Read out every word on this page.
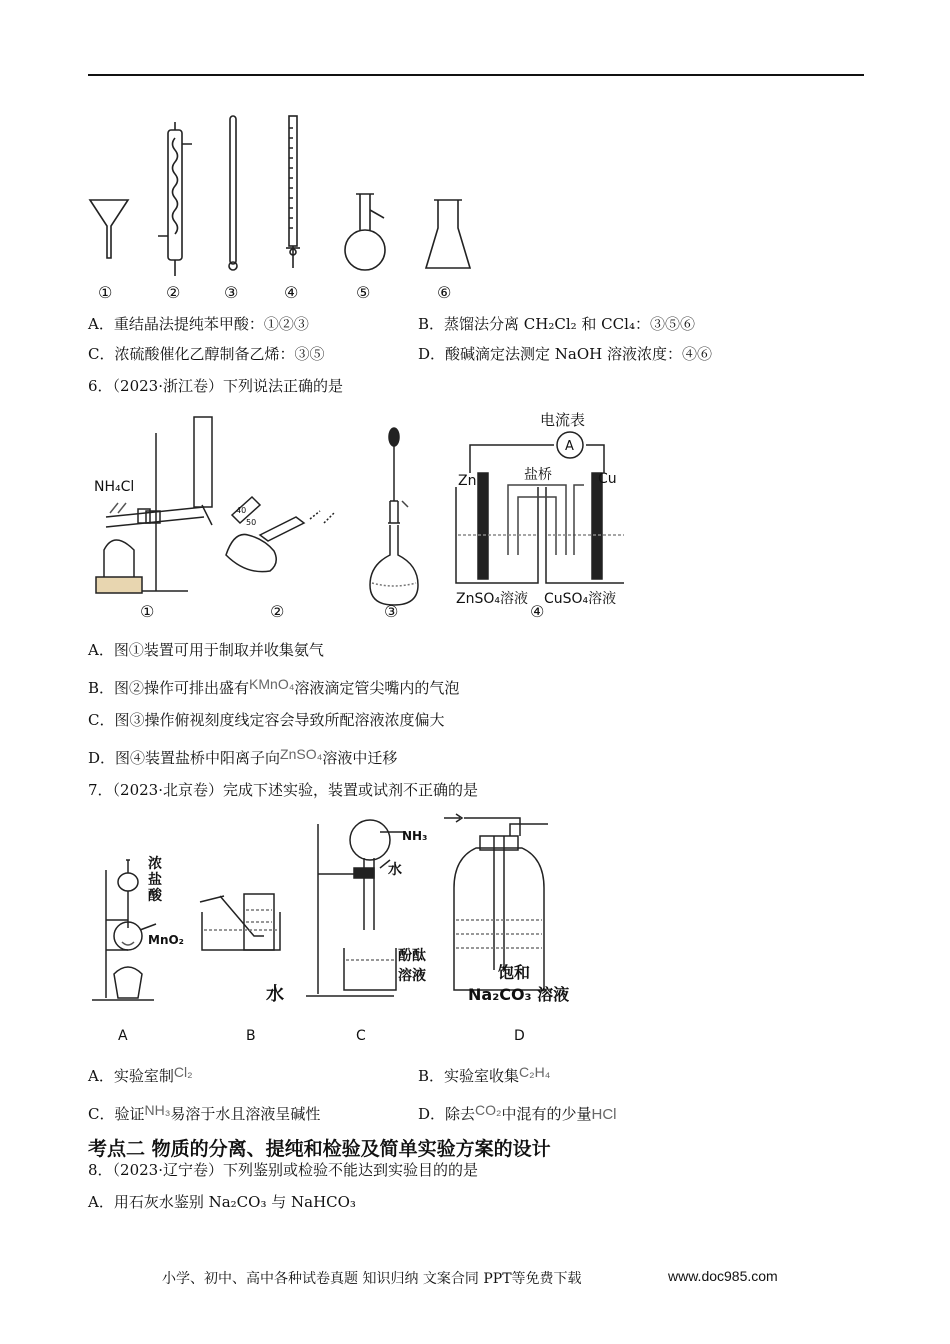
①	②	③	④	⑤	⑥
A．重结晶法提纯苯甲酸：①②③	B．蒸馏法分离 CH₂Cl₂ 和 CCl₄：③⑤⑥
C．浓硫酸催化乙醇制备乙烯：③⑤	D．酸碱滴定法测定 NaOH 溶液浓度：④⑥
6．（2023·浙江卷）下列说法正确的是
NH₄Cl
40
50
电流表
A
Zn	盐桥	Cu
ZnSO₄溶液 CuSO₄溶液
①	②	③	④
A．图①装置可用于制取并收集氨气
B．图②操作可排出盛有KMnO₄溶液滴定管尖嘴内的气泡
C．图③操作俯视刻度线定容会导致所配溶液浓度偏大
D．图④装置盐桥中阳离子向ZnSO₄溶液中迁移
7．（2023·北京卷）完成下述实验，装置或试剂不正确的是
浓
盐
酸
MnO₂
水
NH₃
水
酚酞
溶液	饱和
Na₂CO₃ 溶液
A	B	C	D
A．实验室制Cl₂	B．实验室收集C₂H₄
C．验证NH₃易溶于水且溶液呈碱性	D．除去CO₂中混有的少量HCl
考点二 物质的分离、提纯和检验及简单实验方案的设计
8．（2023·辽宁卷）下列鉴别或检验不能达到实验目的的是
A．用石灰水鉴别 Na₂CO₃ 与 NaHCO₃
小学、初中、高中各种试卷真题 知识归纳 文案合同 PPT等免费下载	www.doc985.com
